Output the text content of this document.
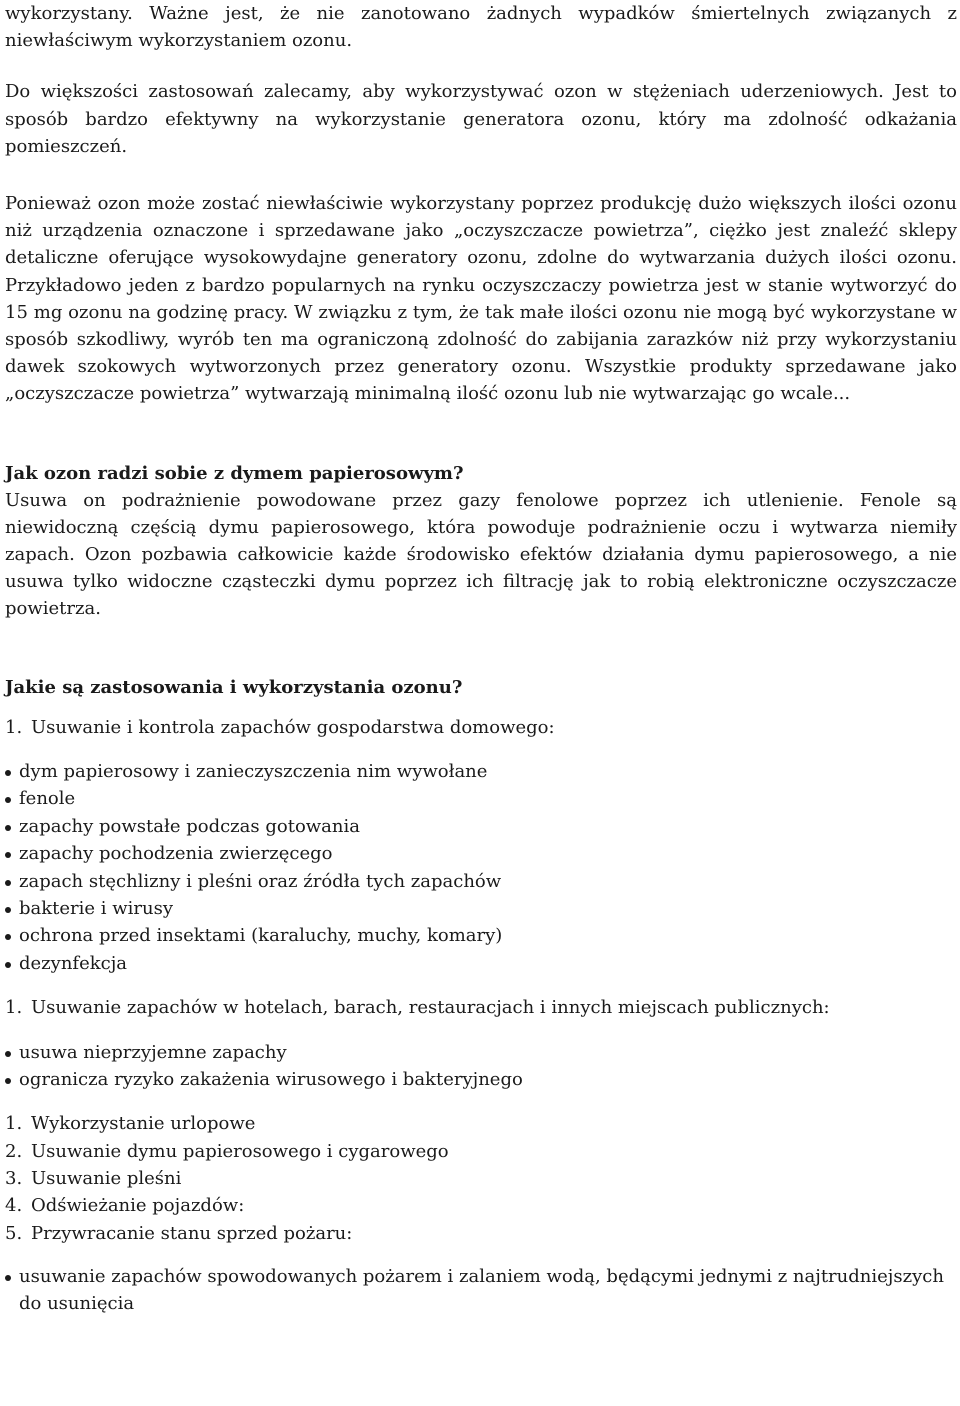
wykorzystany. Ważne jest, że nie zanotowano żadnych wypadków śmiertelnych związanych z niewłaściwym wykorzystaniem ozonu.

Do większości zastosowań zalecamy, aby wykorzystywać ozon w stężeniach uderzeniowych. Jest to sposób bardzo efektywny na wykorzystanie generatora ozonu, który ma zdolność odkażania pomieszczeń.

Ponieważ ozon może zostać niewłaściwie wykorzystany poprzez produkcję dużo większych ilości ozonu niż urządzenia oznaczone i sprzedawane jako „oczyszczacze powietrza”, ciężko jest znaleźć sklepy detaliczne oferujące wysokowydajne generatory ozonu, zdolne do wytwarzania dużych ilości ozonu. Przykładowo jeden z bardzo popularnych na rynku oczyszczaczy powietrza jest w stanie wytworzyć do 15 mg ozonu na godzinę pracy. W związku z tym, że tak małe ilości ozonu nie mogą być wykorzystane w sposób szkodliwy, wyrób ten ma ograniczoną zdolność do zabijania zarazków niż przy wykorzystaniu dawek szokowych wytworzonych przez generatory ozonu. Wszystkie produkty sprzedawane jako „oczyszczacze powietrza” wytwarzają minimalną ilość ozonu lub nie wytwarzając go wcale...

Jak ozon radzi sobie z dymem papierosowym?

Usuwa on podrażnienie powodowane przez gazy fenolowe poprzez ich utlenienie. Fenole są niewidoczną częścią dymu papierosowego, która powoduje podrażnienie oczu i wytwarza niemiły zapach. Ozon pozbawia całkowicie każde środowisko efektów działania dymu papierosowego, a nie usuwa tylko widoczne cząsteczki dymu poprzez ich filtrację jak to robią elektroniczne oczyszczacze powietrza.

Jakie są zastosowania i wykorzystania ozonu?
1. Usuwanie i kontrola zapachów gospodarstwa domowego:
dym papierosowy i zanieczyszczenia nim wywołane
fenole
zapachy powstałe podczas gotowania
zapachy pochodzenia zwierzęcego
zapach stęchlizny i pleśni oraz źródła tych zapachów
bakterie i wirusy
ochrona przed insektami (karaluchy, muchy, komary)
dezynfekcja
1. Usuwanie zapachów w hotelach, barach, restauracjach i innych miejscach publicznych:
usuwa nieprzyjemne zapachy
ogranicza ryzyko zakażenia wirusowego i bakteryjnego
1. Wykorzystanie urlopowe
2. Usuwanie dymu papierosowego i cygarowego
3. Usuwanie pleśni
4. Odświeżanie pojazdów:
5. Przywracanie stanu sprzed pożaru:
usuwanie zapachów spowodowanych pożarem i zalaniem wodą, będącymi jednymi z najtrudniejszych do usunięcia
